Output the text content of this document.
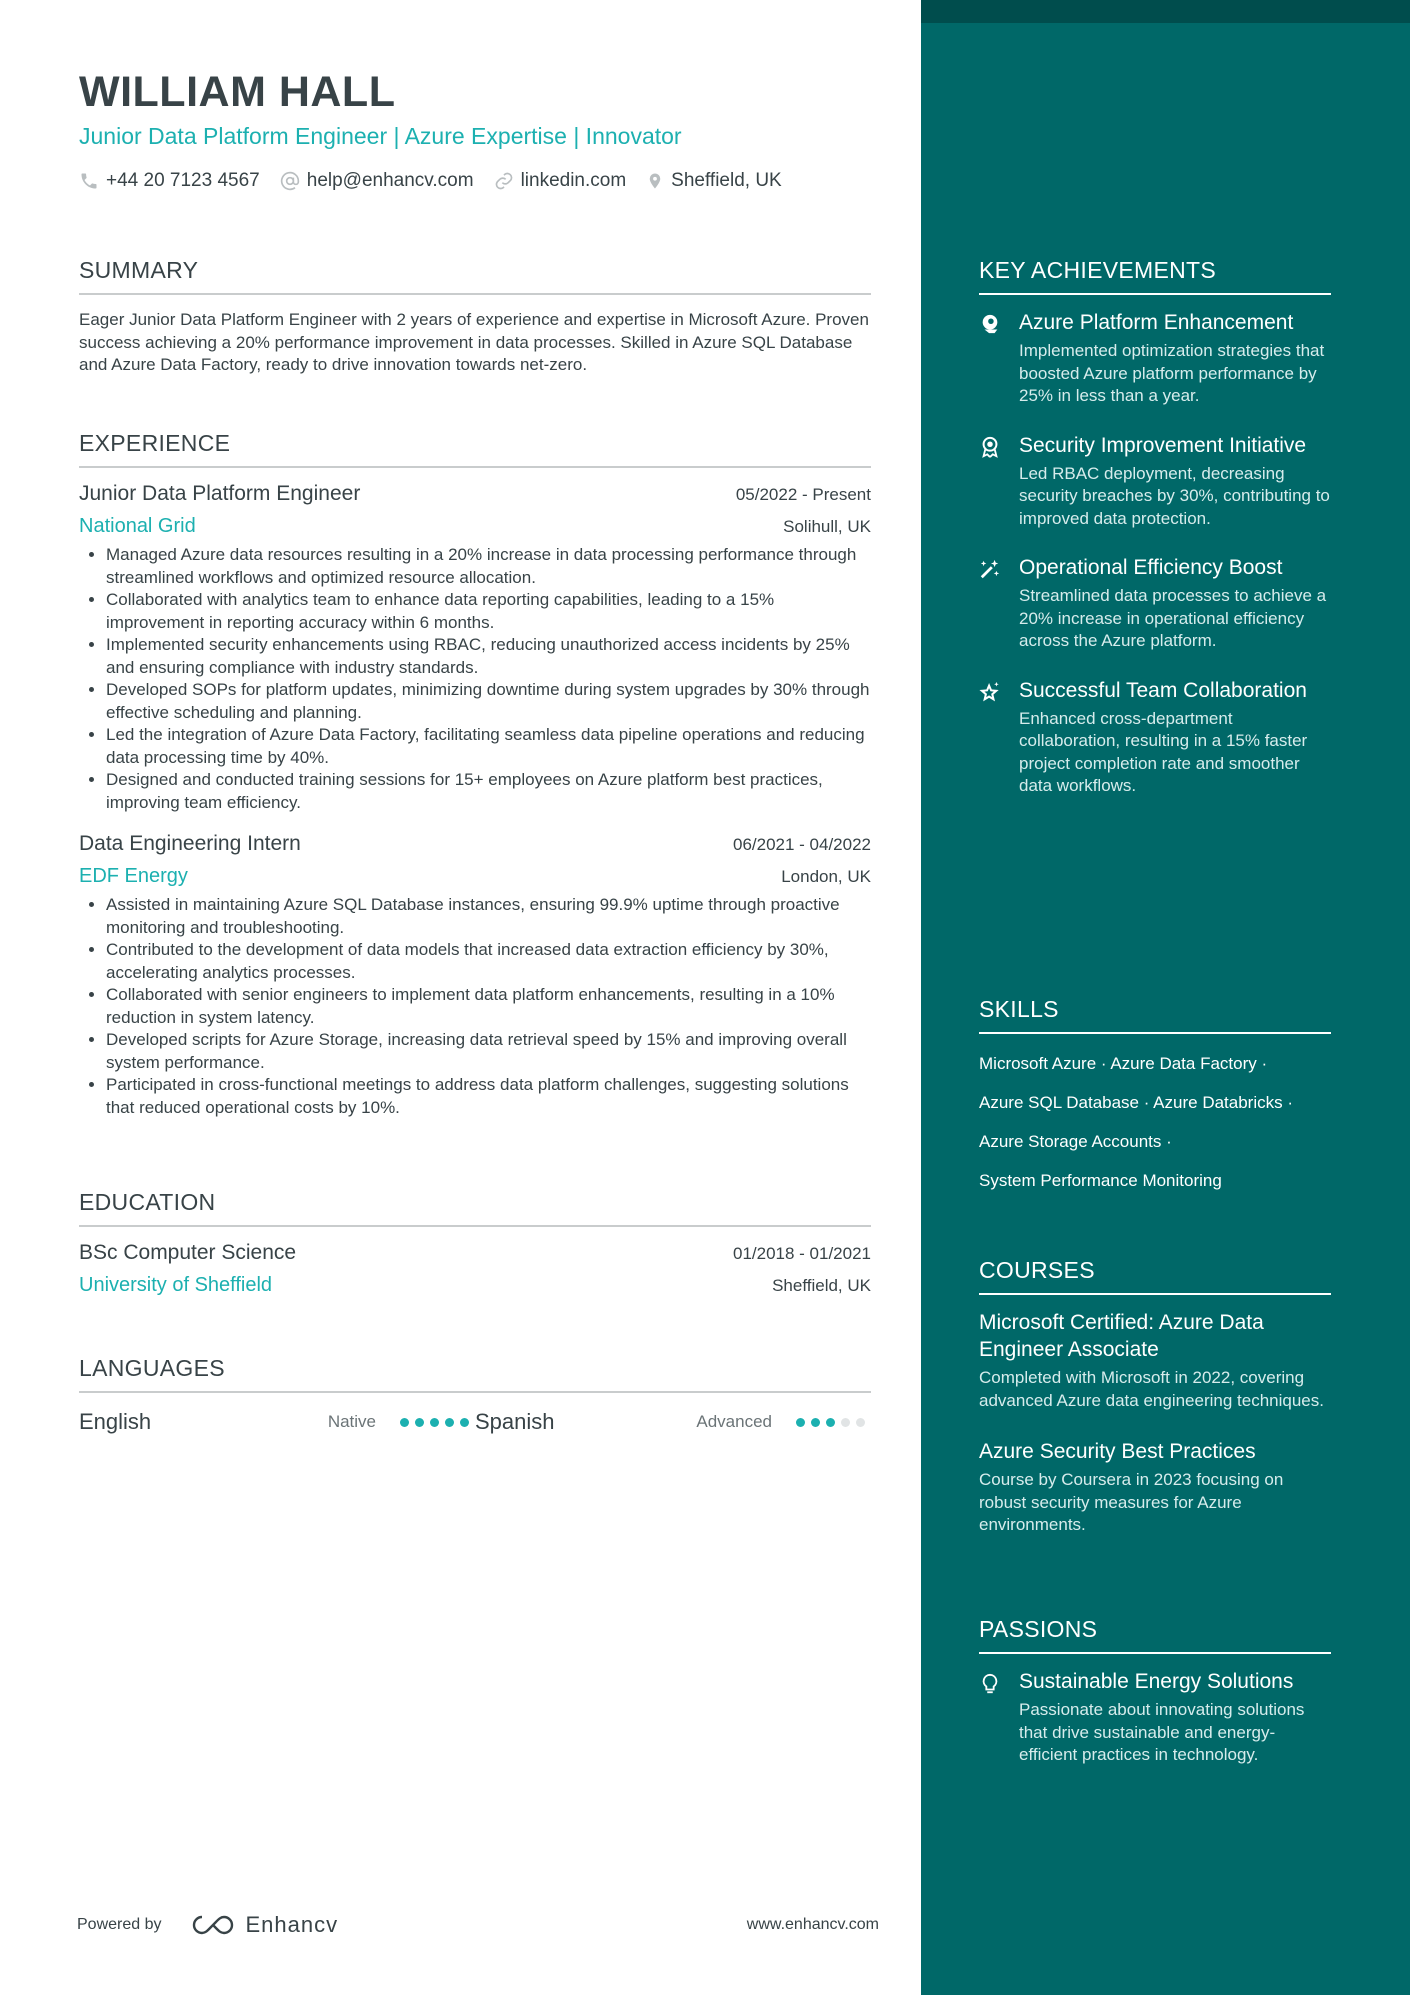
WILLIAM HALL
Junior Data Platform Engineer | Azure Expertise | Innovator
+44 20 7123 4567 help@enhancv.com linkedin.com Sheffield, UK
SUMMARY
Eager Junior Data Platform Engineer with 2 years of experience and expertise in Microsoft Azure. Proven success achieving a 20% performance improvement in data processes. Skilled in Azure SQL Database and Azure Data Factory, ready to drive innovation towards net-zero.
EXPERIENCE
Junior Data Platform Engineer	05/2022 - Present
National Grid	Solihull, UK
• Managed Azure data resources resulting in a 20% increase in data processing performance through streamlined workflows and optimized resource allocation.
• Collaborated with analytics team to enhance data reporting capabilities, leading to a 15% improvement in reporting accuracy within 6 months.
• Implemented security enhancements using RBAC, reducing unauthorized access incidents by 25% and ensuring compliance with industry standards.
• Developed SOPs for platform updates, minimizing downtime during system upgrades by 30% through effective scheduling and planning.
• Led the integration of Azure Data Factory, facilitating seamless data pipeline operations and reducing data processing time by 40%.
• Designed and conducted training sessions for 15+ employees on Azure platform best practices, improving team efficiency.
Data Engineering Intern	06/2021 - 04/2022
EDF Energy	London, UK
• Assisted in maintaining Azure SQL Database instances, ensuring 99.9% uptime through proactive monitoring and troubleshooting.
• Contributed to the development of data models that increased data extraction efficiency by 30%, accelerating analytics processes.
• Collaborated with senior engineers to implement data platform enhancements, resulting in a 10% reduction in system latency.
• Developed scripts for Azure Storage, increasing data retrieval speed by 15% and improving overall system performance.
• Participated in cross-functional meetings to address data platform challenges, suggesting solutions that reduced operational costs by 10%.
EDUCATION
BSc Computer Science	01/2018 - 01/2021
University of Sheffield	Sheffield, UK
LANGUAGES
English	Native	Spanish	Advanced
Powered by	Enhancv	www.enhancv.com
KEY ACHIEVEMENTS
Azure Platform Enhancement
Implemented optimization strategies that boosted Azure platform performance by 25% in less than a year.
Security Improvement Initiative
Led RBAC deployment, decreasing security breaches by 30%, contributing to improved data protection.
Operational Efficiency Boost
Streamlined data processes to achieve a 20% increase in operational efficiency across the Azure platform.
Successful Team Collaboration
Enhanced cross-department collaboration, resulting in a 15% faster project completion rate and smoother data workflows.
SKILLS
Microsoft Azure · Azure Data Factory ·
Azure SQL Database · Azure Databricks ·
Azure Storage Accounts ·
System Performance Monitoring
COURSES
Microsoft Certified: Azure Data Engineer Associate
Completed with Microsoft in 2022, covering advanced Azure data engineering techniques.
Azure Security Best Practices
Course by Coursera in 2023 focusing on robust security measures for Azure environments.
PASSIONS
Sustainable Energy Solutions
Passionate about innovating solutions that drive sustainable and energy-efficient practices in technology.
